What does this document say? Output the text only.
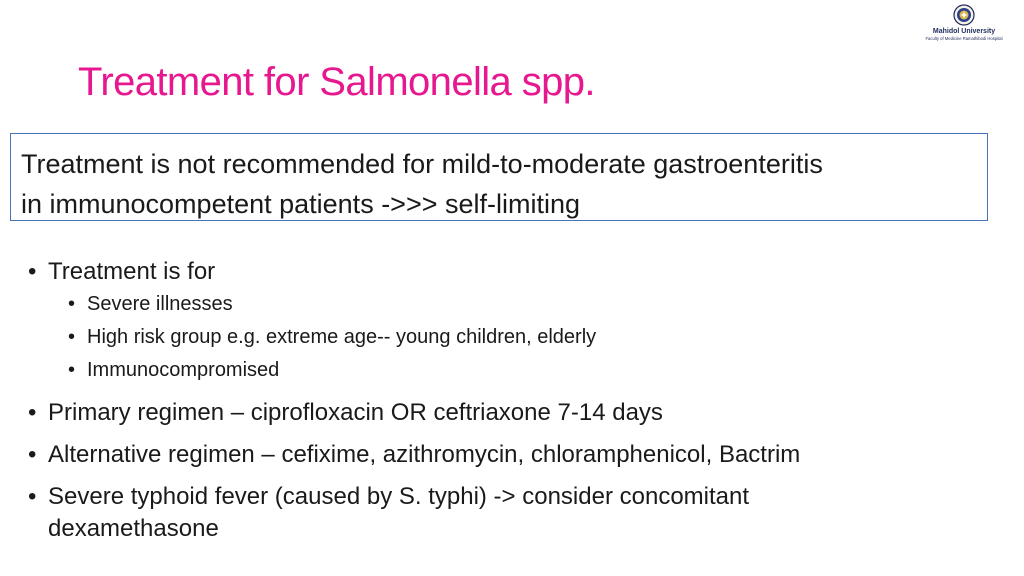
Mahidol University
Faculty of Medicine Ramathibodi Hospital
Treatment for Salmonella spp.
Treatment is not recommended for mild-to-moderate gastroenteritis
in immunocompetent patients ->>> self-limiting
• Treatment is for
• Severe illnesses
• High risk group e.g. extreme age-- young children, elderly
• Immunocompromised
• Primary regimen – ciprofloxacin OR ceftriaxone 7-14 days
• Alternative regimen – cefixime, azithromycin, chloramphenicol, Bactrim
• Severe typhoid fever (caused by S. typhi) -> consider concomitant
dexamethasone
